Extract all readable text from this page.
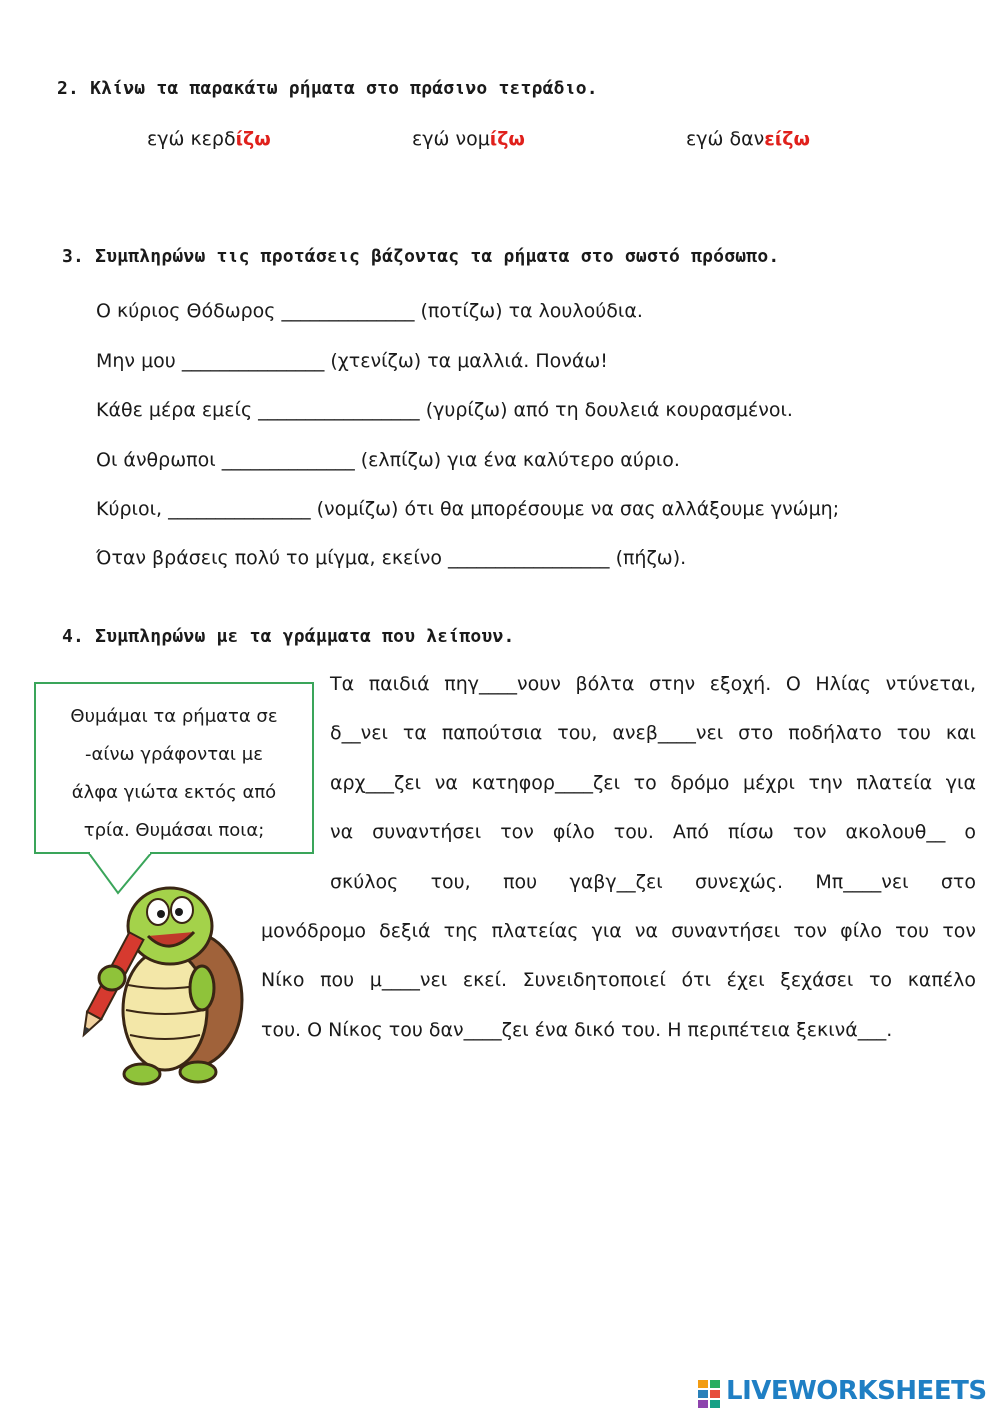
2. Κλίνω τα παρακάτω ρήματα στο πράσινο τετράδιο.
εγώ κερδίζω	εγώ νομίζω	εγώ δανείζω
3. Συμπληρώνω τις προτάσεις βάζοντας τα ρήματα στο σωστό πρόσωπο.
Ο κύριος Θόδωρος ______________ (ποτίζω) τα λουλούδια.
Μην μου _______________ (χτενίζω) τα μαλλιά. Πονάω!
Κάθε μέρα εμείς _________________ (γυρίζω) από τη δουλειά κουρασμένοι.
Οι άνθρωποι ______________ (ελπίζω) για ένα καλύτερο αύριο.
Κύριοι, _______________ (νομίζω) ότι θα μπορέσουμε να σας αλλάξουμε γνώμη;
Όταν βράσεις πολύ το μίγμα, εκείνο _________________ (πήζω).
4. Συμπληρώνω με τα γράμματα που λείπουν.
Θυμάμαι τα ρήματα σε
-αίνω γράφονται με
άλφα γιώτα εκτός από
τρία. Θυμάσαι ποια;
Τα παιδιά πηγ____νουν βόλτα στην εξοχή. Ο Ηλίας ντύνεται,
δ__νει τα παπούτσια του, ανεβ____νει στο ποδήλατο του και
αρχ___ζει να κατηφορ____ζει το δρόμο μέχρι την πλατεία για
να συναντήσει τον φίλο του. Από πίσω τον ακολουθ__ ο
σκύλος του, που γαβγ__ζει συνεχώς. Μπ____νει στο
μονόδρομο δεξιά της πλατείας για να συναντήσει τον φίλο του τον
Νίκο που μ____νει εκεί. Συνειδητοποιεί ότι έχει ξεχάσει το καπέλο
του. Ο Νίκος του δαν____ζει ένα δικό του. Η περιπέτεια ξεκινά___.
LIVEWORKSHEETS
